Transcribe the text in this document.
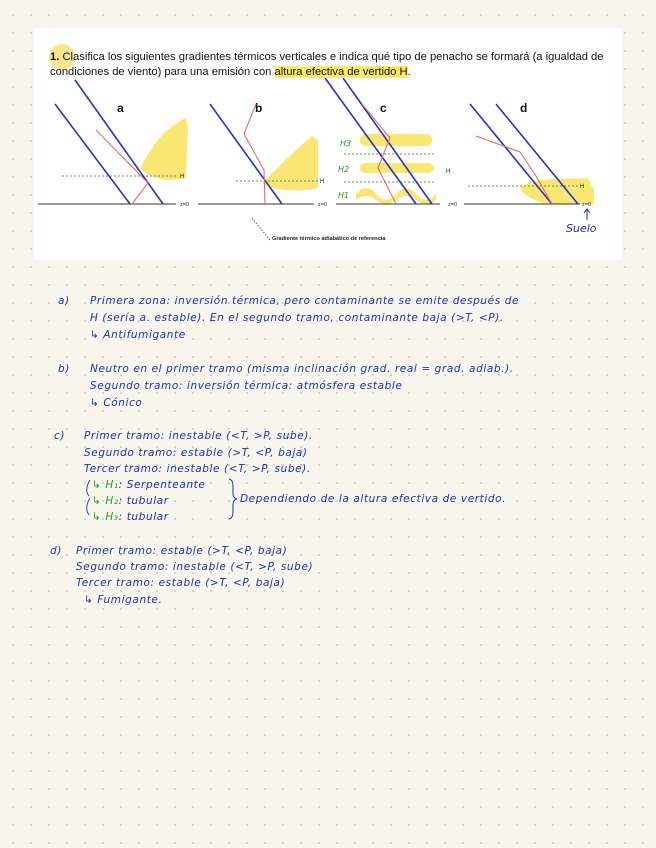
1. Clasifica los siguientes gradientes térmicos verticales e indica qué tipo de penacho se formará (a igualdad de condiciones de viento) para una emisión con altura efectiva de vertido H.
a
H
z=0
b
H
z=0
c
H
z=0
H3
H2
H1
d
H
z=0
Suelo
Gradiente térmico adiabático de referencia
a) Primera zona: inversión térmica, pero contaminante se emite después de
H (sería a. estable). En el segundo tramo, contaminante baja (>T, <P).
↳ Antifumigante
b) Neutro en el primer tramo (misma inclinación grad. real = grad. adiab.).
Segundo tramo: inversión térmica: atmósfera estable
↳ Cónico
c) Primer tramo: inestable (<T, >P, sube).
Segundo tramo: estable (>T, <P, baja)
Tercer tramo: inestable (<T, >P, sube).
↳ H₁: Serpenteante
↳ H₂: tubular
↳ H₃: tubular
Dependiendo de la altura efectiva de vertido.
d) Primer tramo: estable (>T, <P, baja)
Segundo tramo: inestable (<T, >P, sube)
Tercer tramo: estable (>T, <P, baja)
↳ Fumigante.
